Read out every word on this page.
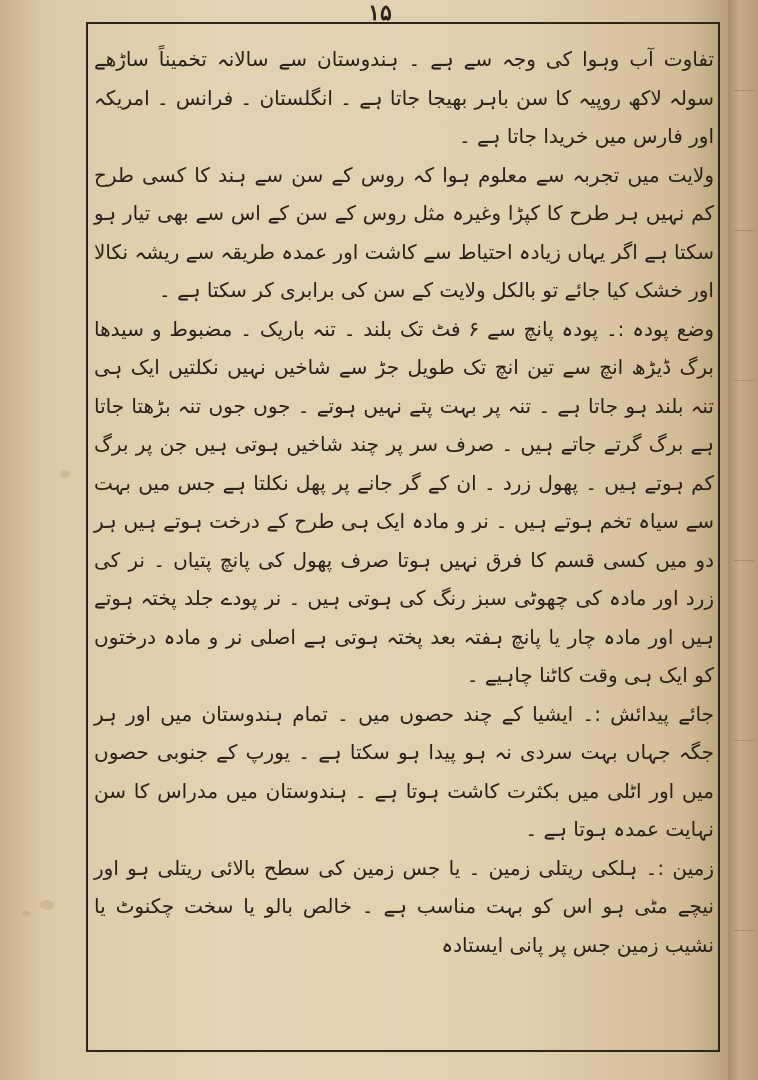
۱۵

تفاوت آب وہوا کی وجہ سے ہے ۔ ہندوستان سے سالانہ تخمیناً ساڑھے سولہ لاکھ روپیہ کا سن باہر بھیجا جاتا ہے ۔ انگلستان ۔ فرانس ۔ امریکہ اور فارس میں خریدا جاتا ہے ۔

ولایت میں تجربہ سے معلوم ہوا کہ روس کے سن سے ہند کا کسی طرح کم نہیں ہر طرح کا کپڑا وغیرہ مثل روس کے سن کے اس سے بھی تیار ہو سکتا ہے اگر یہاں زیادہ احتیاط سے کاشت اور عمدہ طریقہ سے ریشہ نکالا اور خشک کیا جائے تو بالکل ولایت کے سن کی برابری کر سکتا ہے ۔

وضع پودہ :۔ پودہ پانچ سے ۶ فٹ تک بلند ۔ تنہ باریک ۔ مضبوط و سیدھا برگ ڈیڑھ انچ سے تین انچ تک طویل جڑ سے شاخیں نہیں نکلتیں ایک ہی تنہ بلند ہو جاتا ہے ۔ تنہ پر بہت پتے نہیں ہوتے ۔ جوں جوں تنہ بڑھتا جاتا ہے برگ گرتے جاتے ہیں ۔ صرف سر پر چند شاخیں ہوتی ہیں جن پر برگ کم ہوتے ہیں ۔ پھول زرد ۔ ان کے گر جانے پر پھل نکلتا ہے جس میں بہت سے سیاہ تخم ہوتے ہیں ۔ نر و مادہ ایک ہی طرح کے درخت ہوتے ہیں ہر دو میں کسی قسم کا فرق نہیں ہوتا صرف پھول کی پانچ پتیاں ۔ نر کی زرد اور مادہ کی چھوٹی سبز رنگ کی ہوتی ہیں ۔ نر پودے جلد پختہ ہوتے ہیں اور مادہ چار یا پانچ ہفتہ بعد پختہ ہوتی ہے اصلی نر و مادہ درختوں کو ایک ہی وقت کاٹنا چاہیے ۔

جائے پیدائش :۔ ایشیا کے چند حصوں میں ۔ تمام ہندوستان میں اور ہر جگہ جہاں بہت سردی نہ ہو پیدا ہو سکتا ہے ۔ یورپ کے جنوبی حصوں میں اور اٹلی میں بکثرت کاشت ہوتا ہے ۔ ہندوستان میں مدراس کا سن نہایت عمدہ ہوتا ہے ۔

زمین :۔ ہلکی ریتلی زمین ۔ یا جس زمین کی سطح بالائی ریتلی ہو اور نیچے مٹی ہو اس کو بہت مناسب ہے ۔ خالص بالو یا سخت چکنوٹ یا نشیب زمین جس پر پانی ایستادہ
